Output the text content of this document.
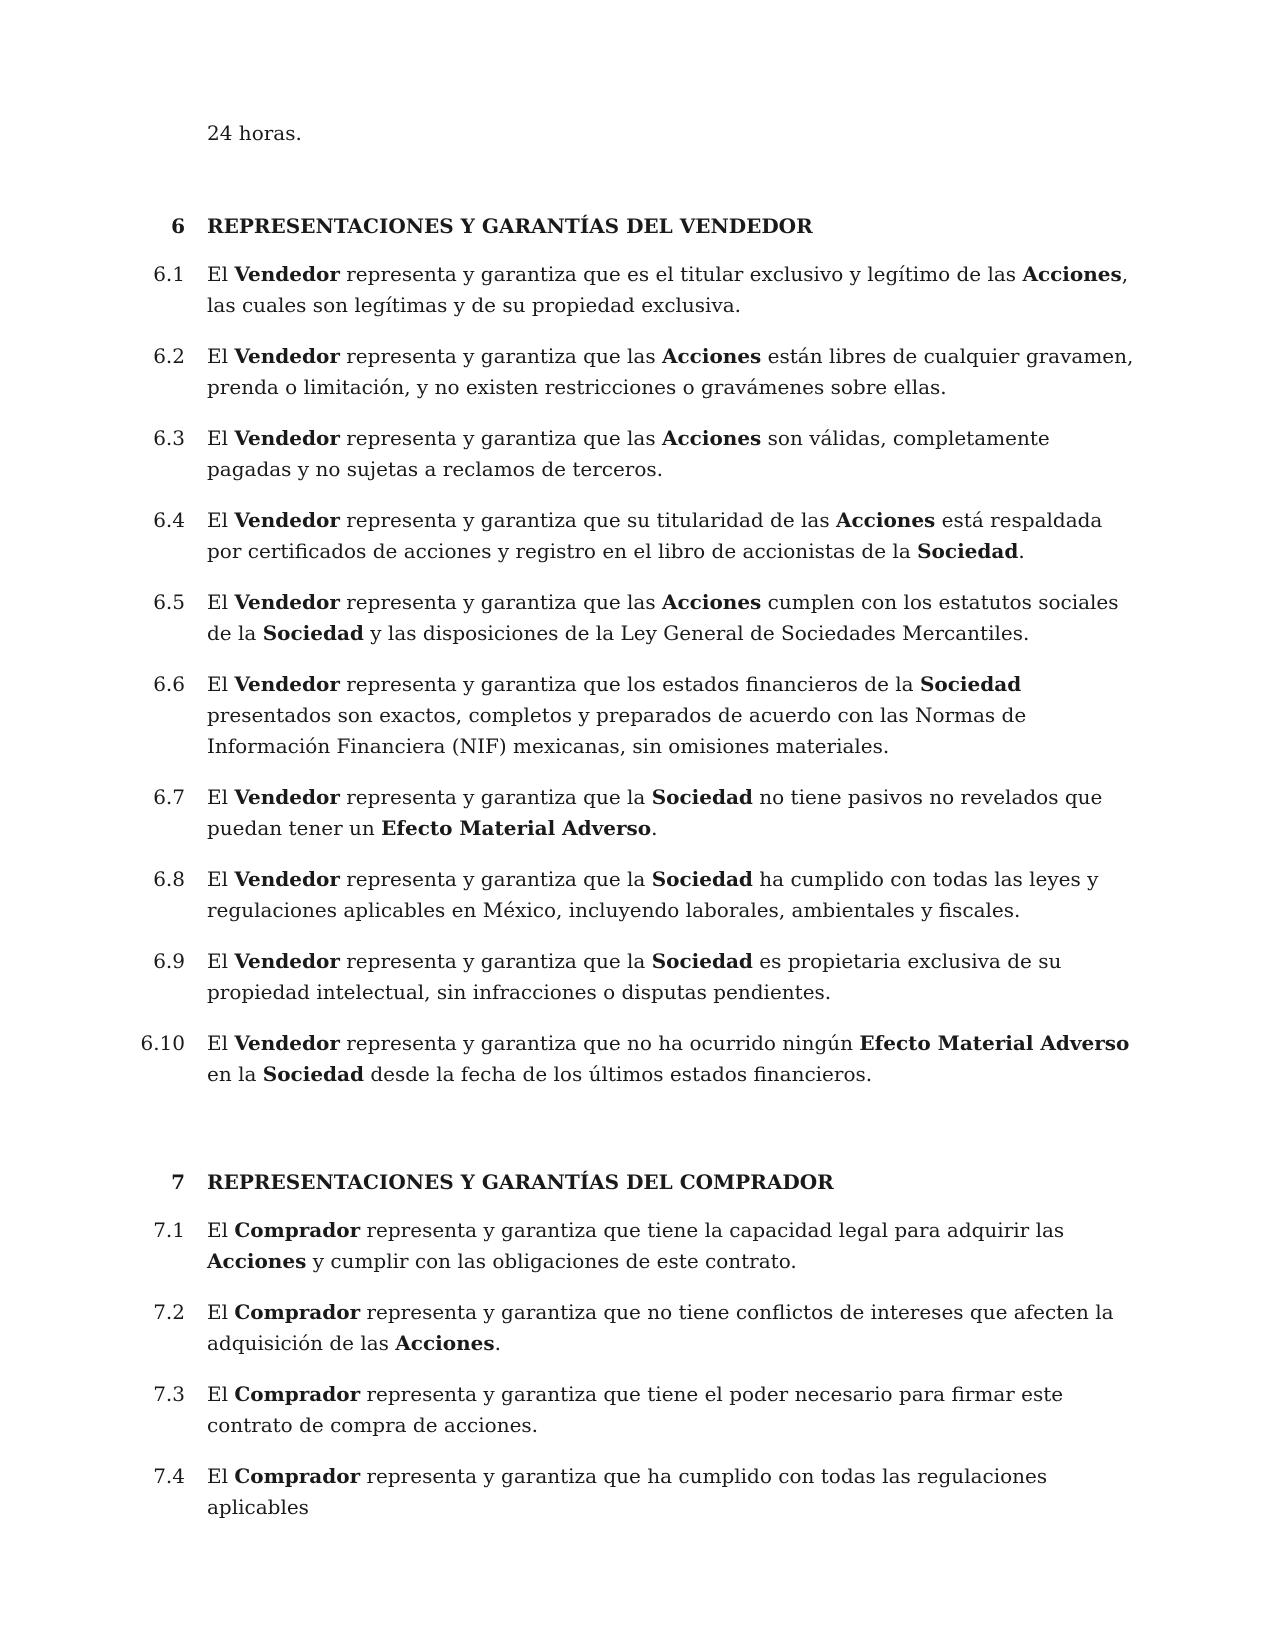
24 horas.
6 REPRESENTACIONES Y GARANTÍAS DEL VENDEDOR
6.1 El Vendedor representa y garantiza que es el titular exclusivo y legítimo de las Acciones, las cuales son legítimas y de su propiedad exclusiva.
6.2 El Vendedor representa y garantiza que las Acciones están libres de cualquier gravamen, prenda o limitación, y no existen restricciones o gravámenes sobre ellas.
6.3 El Vendedor representa y garantiza que las Acciones son válidas, completamente pagadas y no sujetas a reclamos de terceros.
6.4 El Vendedor representa y garantiza que su titularidad de las Acciones está respaldada por certificados de acciones y registro en el libro de accionistas de la Sociedad.
6.5 El Vendedor representa y garantiza que las Acciones cumplen con los estatutos sociales de la Sociedad y las disposiciones de la Ley General de Sociedades Mercantiles.
6.6 El Vendedor representa y garantiza que los estados financieros de la Sociedad presentados son exactos, completos y preparados de acuerdo con las Normas de Información Financiera (NIF) mexicanas, sin omisiones materiales.
6.7 El Vendedor representa y garantiza que la Sociedad no tiene pasivos no revelados que puedan tener un Efecto Material Adverso.
6.8 El Vendedor representa y garantiza que la Sociedad ha cumplido con todas las leyes y regulaciones aplicables en México, incluyendo laborales, ambientales y fiscales.
6.9 El Vendedor representa y garantiza que la Sociedad es propietaria exclusiva de su propiedad intelectual, sin infracciones o disputas pendientes.
6.10 El Vendedor representa y garantiza que no ha ocurrido ningún Efecto Material Adverso en la Sociedad desde la fecha de los últimos estados financieros.
7 REPRESENTACIONES Y GARANTÍAS DEL COMPRADOR
7.1 El Comprador representa y garantiza que tiene la capacidad legal para adquirir las Acciones y cumplir con las obligaciones de este contrato.
7.2 El Comprador representa y garantiza que no tiene conflictos de intereses que afecten la adquisición de las Acciones.
7.3 El Comprador representa y garantiza que tiene el poder necesario para firmar este contrato de compra de acciones.
7.4 El Comprador representa y garantiza que ha cumplido con todas las regulaciones aplicables
